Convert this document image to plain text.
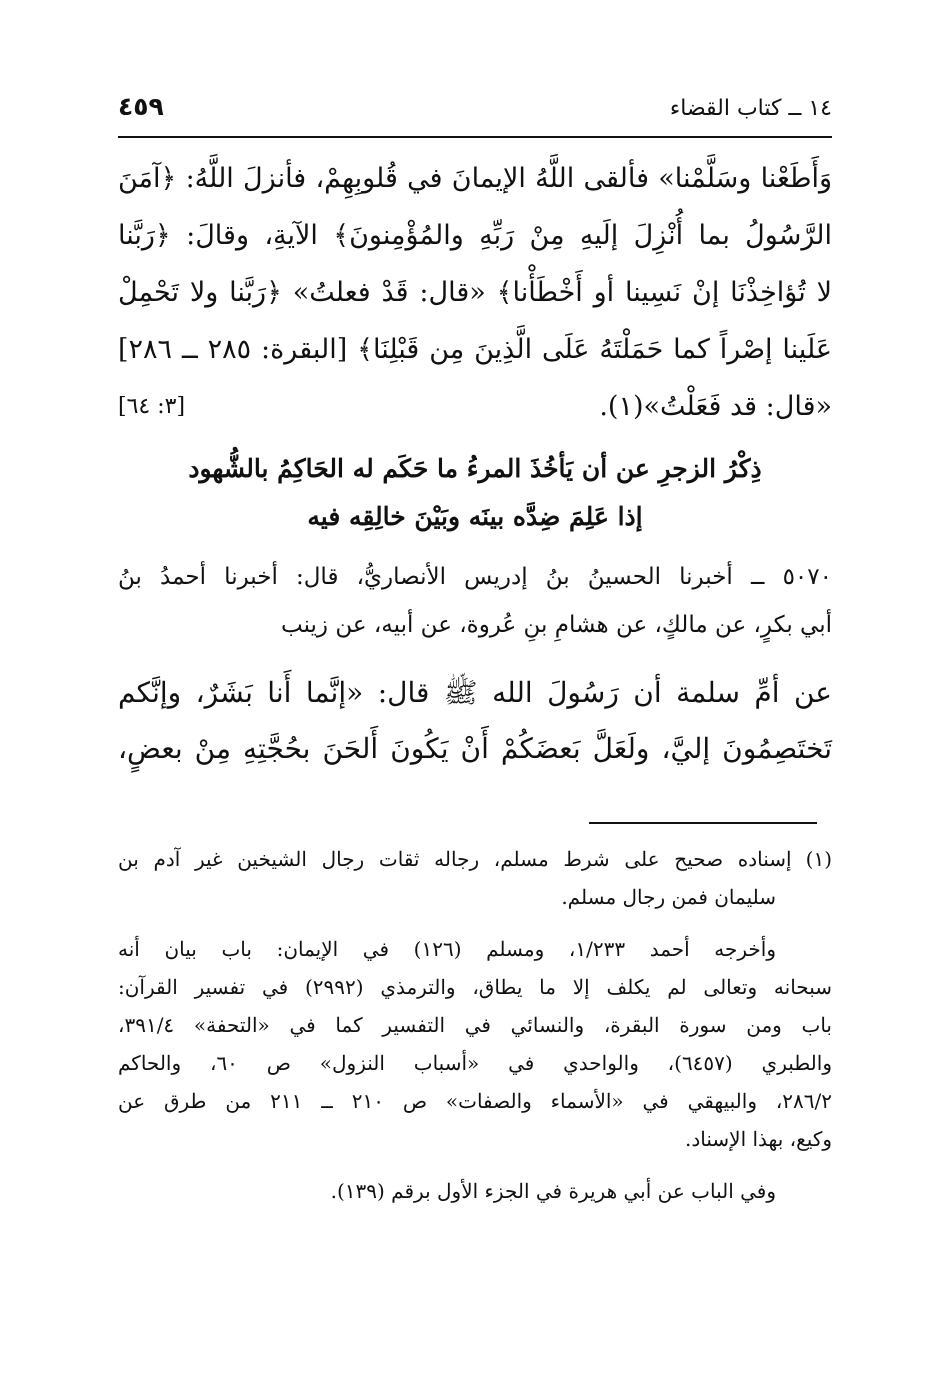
١٤ ــ كتاب القضاء
٤٥٩
وَأَطَعْنا وسَلَّمْنا» فألقى اللَّهُ الإيمانَ في قُلوبِهِمْ، فأنزلَ اللَّهُ: ﴿آمَنَ
الرَّسُولُ بما أُنْزِلَ إلَيهِ مِنْ رَبِّهِ والمُؤْمِنونَ﴾ الآيةِ، وقالَ: ﴿رَبَّنا
لا تُؤاخِذْنَا إنْ نَسِينا أو أَخْطَأْنا﴾ «قال: قَدْ فعلتُ» ﴿رَبَّنا ولا تَحْمِلْ
عَلَينا إصْراً كما حَمَلْتَهُ عَلَى الَّذِينَ مِن قَبْلِنَا﴾ [البقرة: ٢٨٥ ــ ٢٨٦]
«قال: قد فَعَلْتُ»(١).
[٣: ٦٤]
ذِكْرُ الزجرِ عن أن يَأخُذَ المرءُ ما حَكَم له الحَاكِمُ بالشُّهود
إذا عَلِمَ ضِدَّه بينَه وبَيْنَ خالِقِه فيه
٥٠٧٠ ــ أخبرنا الحسينُ بنُ إدريس الأنصاريُّ، قال: أخبرنا أحمدُ بنُ
أبي بكرٍ، عن مالكٍ، عن هشامِ بنِ عُروة، عن أبيه، عن زينب
عن أمِّ سلمة أن رَسُولَ الله ﷺ قال: «إنَّما أَنا بَشَرٌ، وإنَّكم
تَختَصِمُونَ إليَّ، ولَعَلَّ بَعضَكُمْ أَنْ يَكُونَ أَلحَنَ بحُجَّتِهِ مِنْ بعضٍ،
(١)إسناده صحيح على شرط مسلم، رجاله ثقات رجال الشيخين غير آدم بن
سليمان فمن رجال مسلم.
وأخرجه أحمد ١/٢٣٣، ومسلم (١٢٦) في الإيمان: باب بيان أنه
سبحانه وتعالى لم يكلف إلا ما يطاق، والترمذي (٢٩٩٢) في تفسير القرآن:
باب ومن سورة البقرة، والنسائي في التفسير كما في «التحفة» ٣٩١/٤،
والطبري (٦٤٥٧)، والواحدي في «أسباب النزول» ص ٦٠، والحاكم
٢٨٦/٢، والبيهقي في «الأسماء والصفات» ص ٢١٠ ــ ٢١١ من طرق عن
وكيع، بهذا الإسناد.
وفي الباب عن أبي هريرة في الجزء الأول برقم (١٣٩).
